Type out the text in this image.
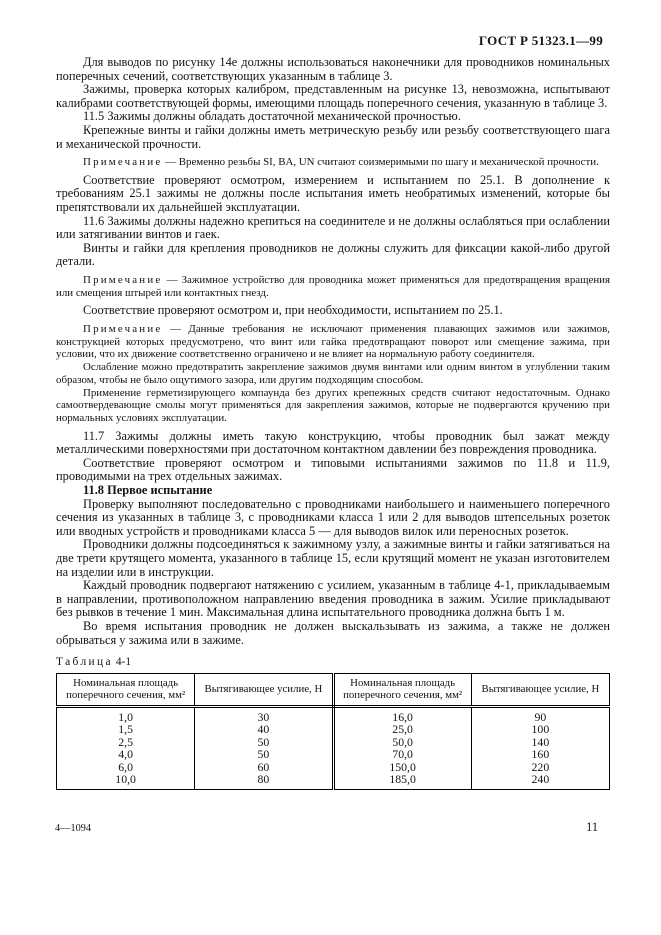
ГОСТ Р 51323.1—99

Для выводов по рисунку 14е должны использоваться наконечники для проводников номинальных поперечных сечений, соответствующих указанным в таблице 3.

Зажимы, проверка которых калибром, представленным на рисунке 13, невозможна, испытывают калибрами соответствующей формы, имеющими площадь поперечного сечения, указанную в таблице 3.

11.5 Зажимы должны обладать достаточной механической прочностью.

Крепежные винты и гайки должны иметь метрическую резьбу или резьбу соответствующего шага и механической прочности.

Примечание — Временно резьбы SI, BA, UN считают соизмеримыми по шагу и механической прочности.

Соответствие проверяют осмотром, измерением и испытанием по 25.1. В дополнение к требованиям 25.1 зажимы не должны после испытания иметь необратимых изменений, которые бы препятствовали их дальнейшей эксплуатации.

11.6 Зажимы должны надежно крепиться на соединителе и не должны ослабляться при ослаблении или затягивании винтов и гаек.

Винты и гайки для крепления проводников не должны служить для фиксации какой-либо другой детали.

Примечание — Зажимное устройство для проводника может применяться для предотвращения вращения или смещения штырей или контактных гнезд.

Соответствие проверяют осмотром и, при необходимости, испытанием по 25.1.

Примечание — Данные требования не исключают применения плавающих зажимов или зажимов, конструкцией которых предусмотрено, что винт или гайка предотвращают поворот или смещение зажима, при условии, что их движение соответственно ограничено и не влияет на нормальную работу соединителя.

Ослабление можно предотвратить закрепление зажимов двумя винтами или одним винтом в углублении таким образом, чтобы не было ощутимого зазора, или другим подходящим способом.

Применение герметизирующего компаунда без других крепежных средств считают недостаточным. Однако самоотвердевающие смолы могут применяться для закрепления зажимов, которые не подвергаются кручению при нормальных условиях эксплуатации.

11.7 Зажимы должны иметь такую конструкцию, чтобы проводник был зажат между металлическими поверхностями при достаточном контактном давлении без повреждения проводника.

Соответствие проверяют осмотром и типовыми испытаниями зажимов по 11.8 и 11.9, проводимыми на трех отдельных зажимах.

11.8 Первое испытание

Проверку выполняют последовательно с проводниками наибольшего и наименьшего поперечного сечения из указанных в таблице 3, с проводниками класса 1 или 2 для выводов штепсельных розеток или вводных устройств и проводниками класса 5 — для выводов вилок или переносных розеток.

Проводники должны подсоединяться к зажимному узлу, а зажимные винты и гайки затягиваться на две трети крутящего момента, указанного в таблице 15, если крутящий момент не указан изготовителем на изделии или в инструкции.

Каждый проводник подвергают натяжению с усилием, указанным в таблице 4-1, прикладываемым в направлении, противоположном направлению введения проводника в зажим. Усилие прикладывают без рывков в течение 1 мин. Максимальная длина испытательного проводника должна быть 1 м.

Во время испытания проводник не должен выскальзывать из зажима, а также не должен обрываться у зажима или в зажиме.

Таблица 4-1

Номинальная площадь поперечного сечения, мм²	Вытягивающее усилие, Н	Номинальная площадь поперечного сечения, мм²	Вытягивающее усилие, Н
1,0	30	16,0	90
1,5	40	25,0	100
2,5	50	50,0	140
4,0	50	70,0	160
6,0	60	150,0	220
10,0	80	185,0	240
4—1094	11
